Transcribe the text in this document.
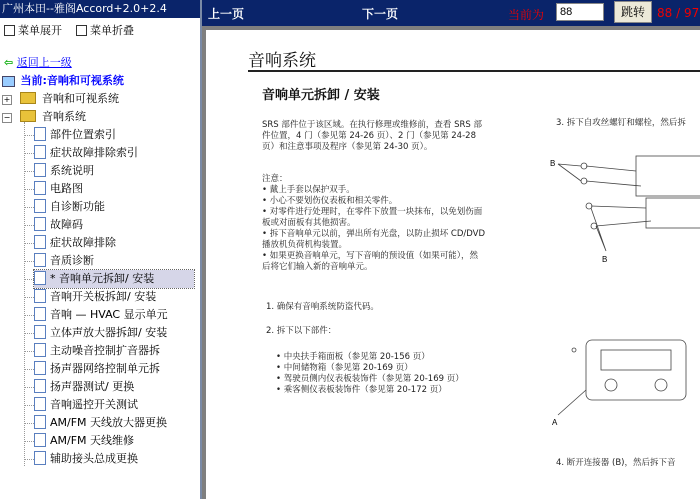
广州本田--雅阁Accord+2.0+2.4
菜单展开	菜单折叠
⇦ 返回上一级
当前:音响和可视系统
+	音响和可视系统
−	音响系统
部件位置索引
症状故障排除索引
系统说明
电路图
自诊断功能
故障码
症状故障排除
音质诊断
* 音响单元拆卸/ 安装
音响开关板拆卸/ 安装
音响 — HVAC 显示单元
立体声放大器拆卸/ 安装
主动噪音控制扩音器拆
扬声器网络控制单元拆
扬声器测试/ 更换
音响遥控开关测试
AM/FM 天线放大器更换
AM/FM 天线维修
辅助接头总成更换
上一页	下一页	当前为
88	跳转	88 / 97
音响系统
音响单元拆卸 / 安装
SRS 部件位于该区域。在执行修理或维修前，查看 SRS 部
件位置，4 门（参见第 24-26 页）、2 门（参见第 24-28
页）和注意事项及程序（参见第 24-30 页）。
注意：
• 戴上手套以保护双手。
• 小心不要划伤仪表板和相关零件。
• 对零件进行处理时，在零件下放置一块抹布，以免划伤面
板或对面板有其他损害。
• 拆下音响单元以前，弹出所有光盘，以防止损坏 CD/DVD
播放机负荷机构装置。
• 如果更换音响单元，写下音响的预设值（如果可能），然
后将它们输入新的音响单元。
1. 确保有音响系统防盗代码。
2. 拆下以下部件：
• 中央扶手箱面板（参见第 20-156 页）
• 中间储物箱（参见第 20-169 页）
• 驾驶员侧内仪表板装饰件（参见第 20-169 页）
• 乘客侧仪表板装饰件（参见第 20-172 页）
3. 拆下自攻丝螺钉和螺栓，然后拆
B
B
A
4. 断开连接器 (B)，然后拆下音
